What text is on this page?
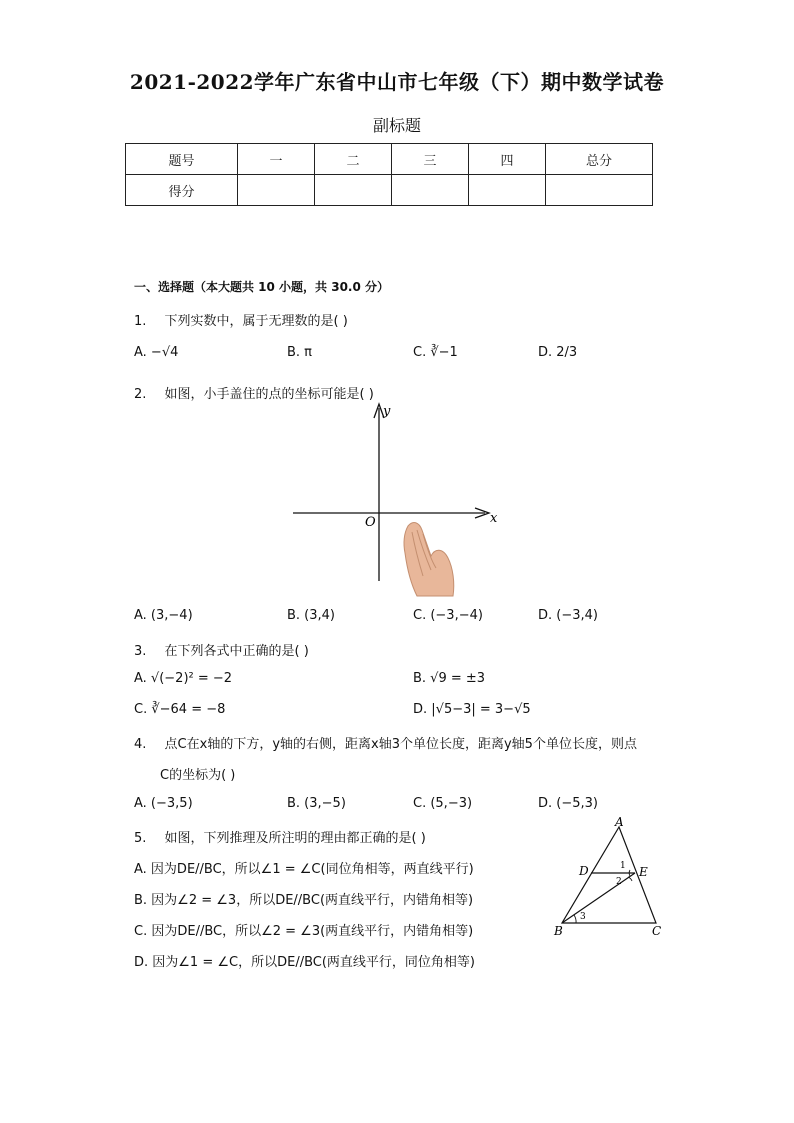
2021-2022学年广东省中山市七年级（下）期中数学试卷
副标题
题号	一	二	三	四	总分
得分					
一、选择题（本大题共 10 小题，共 30.0 分）
1. 下列实数中，属于无理数的是( )
A. −√4	B. π	C. ∛−1	D. 2/3
2. 如图，小手盖住的点的坐标可能是( )
y
x
O
A. (3,−4)	B. (3,4)	C. (−3,−4)	D. (−3,4)
3. 在下列各式中正确的是( )
A. √(−2)² = −2	B. √9 = ±3
C. ∛−64 = −8	D. |√5−3| = 3−√5
4. 点C在x轴的下方，y轴的右侧，距离x轴3个单位长度，距离y轴5个单位长度，则点
C的坐标为( )
A. (−3,5)	B. (3,−5)	C. (5,−3)	D. (−5,3)
5. 如图，下列推理及所注明的理由都正确的是( )
A. 因为DE//BC，所以∠1 = ∠C(同位角相等，两直线平行)
B. 因为∠2 = ∠3，所以DE//BC(两直线平行，内错角相等)
C. 因为DE//BC，所以∠2 = ∠3(两直线平行，内错角相等)
D. 因为∠1 = ∠C，所以DE//BC(两直线平行，同位角相等)
A
D	E
B	C
1
2
3
